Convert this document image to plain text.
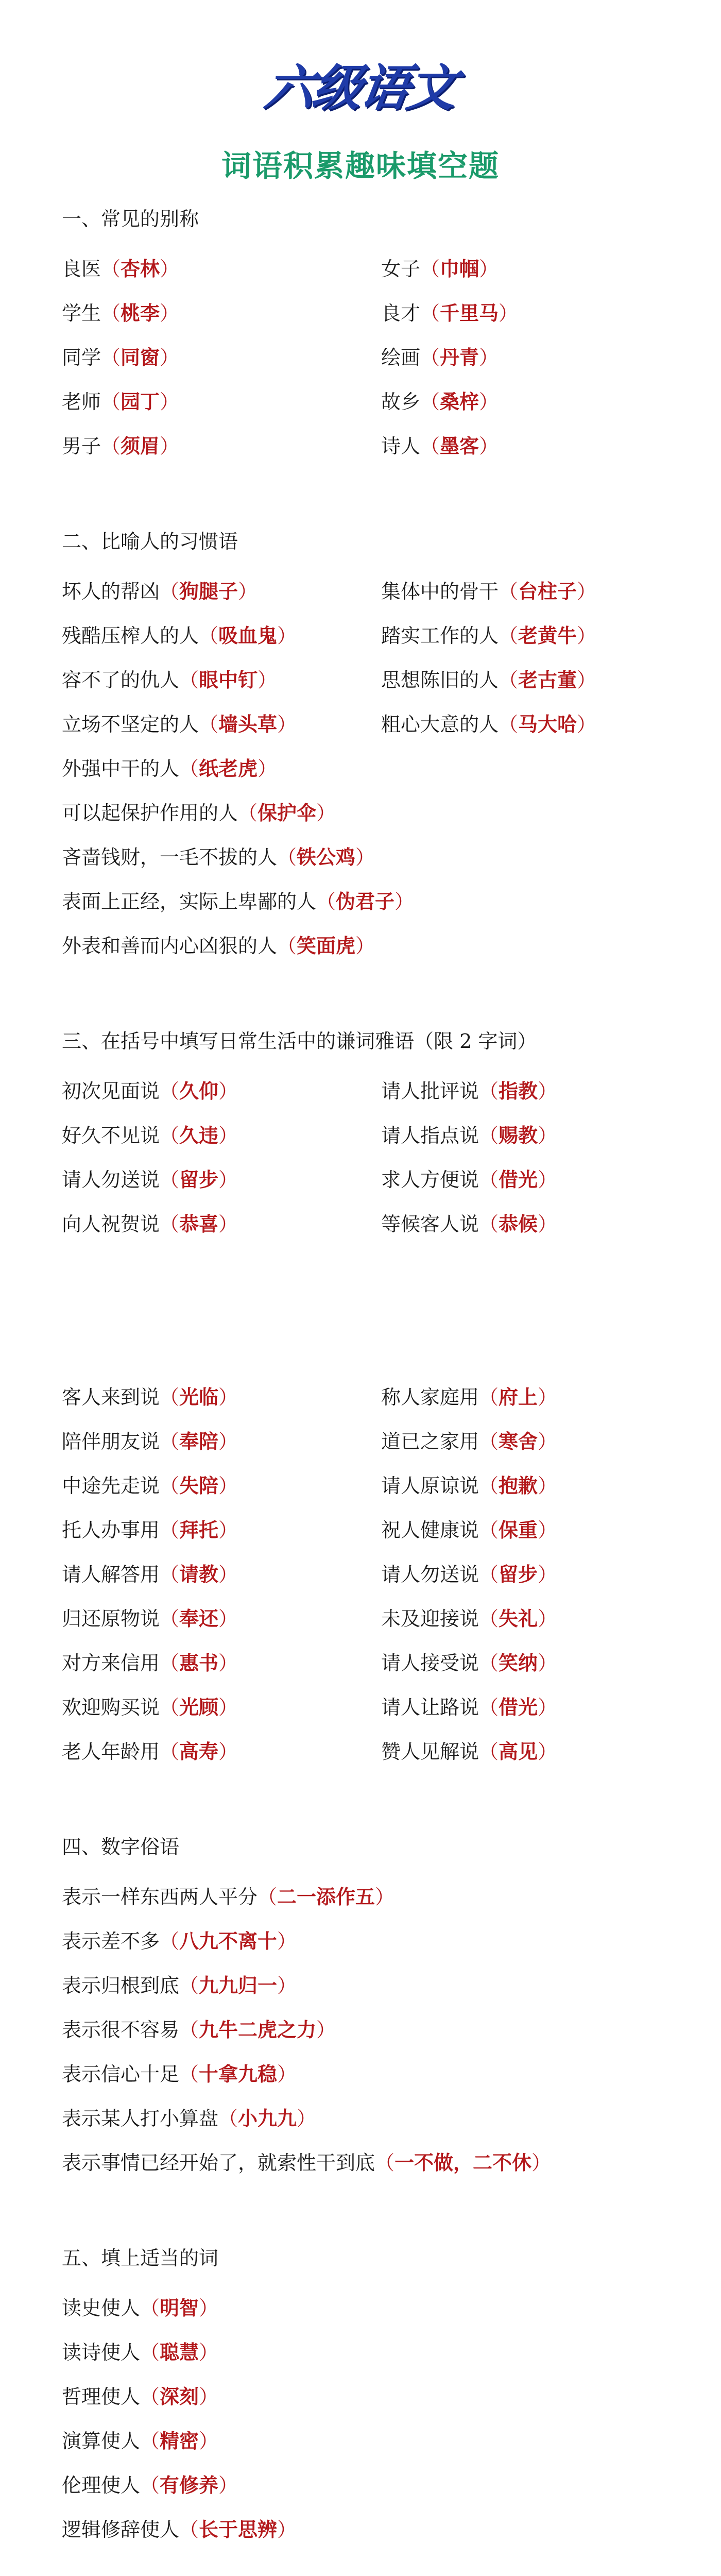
六级语文
词语积累趣味填空题
一、常见的别称
良医（杏林）	女子（巾帼）
学生（桃李）	良才（千里马）
同学（同窗）	绘画（丹青）
老师（园丁）	故乡（桑梓）
男子（须眉）	诗人（墨客）
二、比喻人的习惯语
坏人的帮凶（狗腿子）	集体中的骨干（台柱子）
残酷压榨人的人（吸血鬼）	踏实工作的人（老黄牛）
容不了的仇人（眼中钉）	思想陈旧的人（老古董）
立场不坚定的人（墙头草）	粗心大意的人（马大哈）
外强中干的人（纸老虎）
可以起保护作用的人（保护伞）
吝啬钱财，一毛不拔的人（铁公鸡）
表面上正经，实际上卑鄙的人（伪君子）
外表和善而内心凶狠的人（笑面虎）
三、在括号中填写日常生活中的谦词雅语（限 2 字词）
初次见面说（久仰）	请人批评说（指教）
好久不见说（久违）	请人指点说（赐教）
请人勿送说（留步）	求人方便说（借光）
向人祝贺说（恭喜）	等候客人说（恭候）
客人来到说（光临）	称人家庭用（府上）
陪伴朋友说（奉陪）	道已之家用（寒舍）
中途先走说（失陪）	请人原谅说（抱歉）
托人办事用（拜托）	祝人健康说（保重）
请人解答用（请教）	请人勿送说（留步）
归还原物说（奉还）	未及迎接说（失礼）
对方来信用（惠书）	请人接受说（笑纳）
欢迎购买说（光顾）	请人让路说（借光）
老人年龄用（高寿）	赞人见解说（高见）
四、数字俗语
表示一样东西两人平分（二一添作五）
表示差不多（八九不离十）
表示归根到底（九九归一）
表示很不容易（九牛二虎之力）
表示信心十足（十拿九稳）
表示某人打小算盘（小九九）
表示事情已经开始了，就索性干到底（一不做，二不休）
五、填上适当的词
读史使人（明智）
读诗使人（聪慧）
哲理使人（深刻）
演算使人（精密）
伦理使人（有修养）
逻辑修辞使人（长于思辨）
